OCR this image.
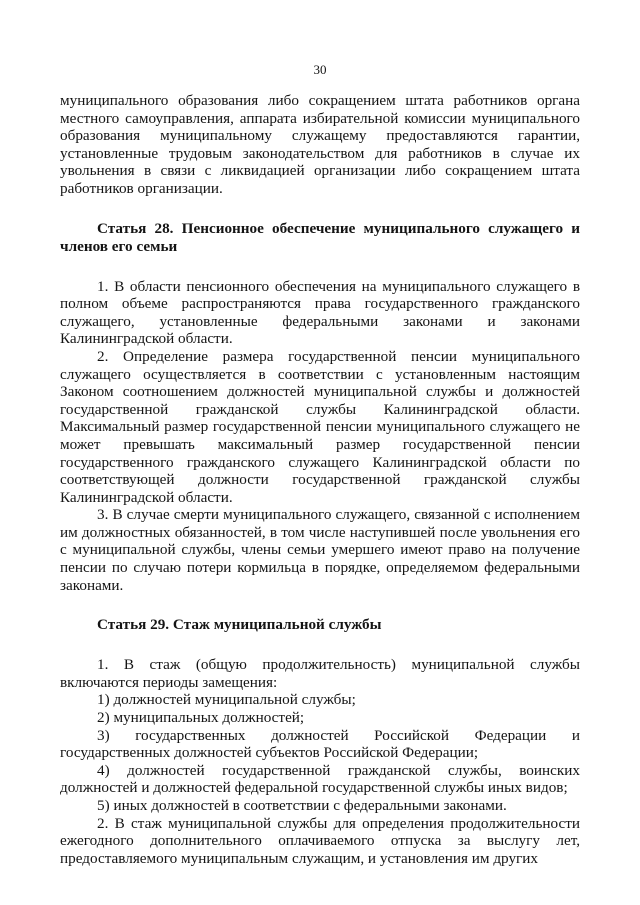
30

муниципального образования либо сокращением штата работников органа местного самоуправления, аппарата избирательной комиссии муниципального образования муниципальному служащему предоставляются гарантии, установленные трудовым законодательством для работников в случае их увольнения в связи с ликвидацией организации либо сокращением штата работников организации.

Статья 28. Пенсионное обеспечение муниципального служащего и членов его семьи

1. В области пенсионного обеспечения на муниципального служащего в полном объеме распространяются права государственного гражданского служащего, установленные федеральными законами и законами Калининградской области.

2. Определение размера государственной пенсии муниципального служащего осуществляется в соответствии с установленным настоящим Законом соотношением должностей муниципальной службы и должностей государственной гражданской службы Калининградской области. Максимальный размер государственной пенсии муниципального служащего не может превышать максимальный размер государственной пенсии государственного гражданского служащего Калининградской области по соответствующей должности государственной гражданской службы Калининградской области.

3. В случае смерти муниципального служащего, связанной с исполнением им должностных обязанностей, в том числе наступившей после увольнения его с муниципальной службы, члены семьи умершего имеют право на получение пенсии по случаю потери кормильца в порядке, определяемом федеральными законами.

Статья 29. Стаж муниципальной службы

1. В стаж (общую продолжительность) муниципальной службы включаются периоды замещения:

1) должностей муниципальной службы;

2) муниципальных должностей;

3) государственных должностей Российской Федерации и государственных должностей субъектов Российской Федерации;

4) должностей государственной гражданской службы, воинских должностей и должностей федеральной государственной службы иных видов;

5) иных должностей в соответствии с федеральными законами.

2. В стаж муниципальной службы для определения продолжительности ежегодного дополнительного оплачиваемого отпуска за выслугу лет, предоставляемого муниципальным служащим, и установления им других
